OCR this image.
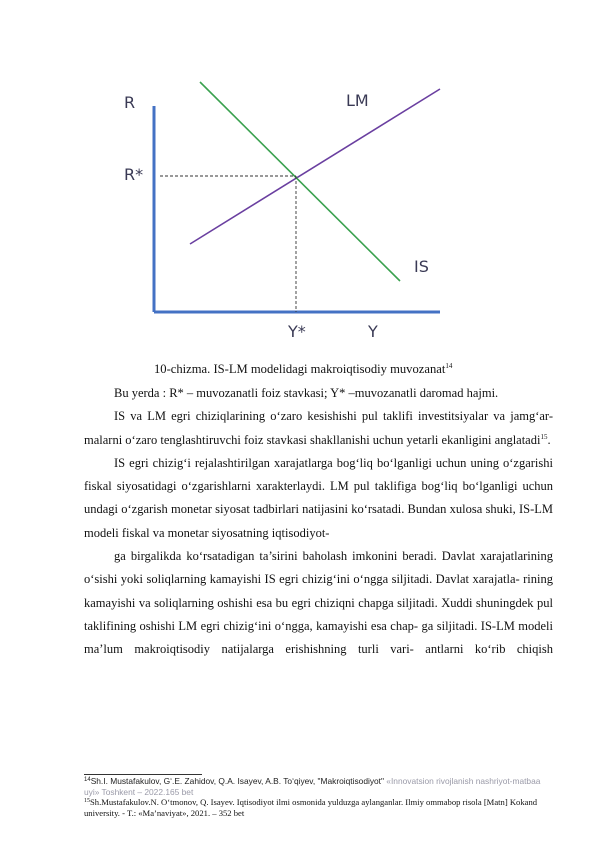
R
R*
LM
IS
Y*	Y
10-chizma. IS-LM modelidagi makroiqtisodiy muvozanat$^{14}$

Bu yerda : R* – muvozanatli foiz stavkasi; Y* –muvozanatli daromad hajmi.

IS va LM egri chiziqlarining o‘zaro kesishishi pul taklifi investitsiyalar va jamg‘ar- malarni o‘zaro tenglashtiruvchi foiz stavkasi shakllanishi uchun yetarli ekanligini anglatadi$^{15}$.

IS egri chizig‘i rejalashtirilgan xarajatlarga bog‘liq bo‘lganligi uchun uning o‘zgarishi fiskal siyosatidagi o‘zgarishlarni xarakterlaydi. LM pul taklifiga bog‘liq bo‘lganligi uchun undagi o‘zgarish monetar siyosat tadbirlari natijasini ko‘rsatadi. Bundan xulosa shuki, IS-LM modeli fiskal va monetar siyosatning iqtisodiyot-

ga birgalikda ko‘rsatadigan ta’sirini baholash imkonini beradi. Davlat xarajatlarining o‘sishi yoki soliqlarning kamayishi IS egri chizig‘ini o‘ngga siljitadi. Davlat xarajatla- rining kamayishi va soliqlarning oshishi esa bu egri chiziqni chapga siljitadi. Xuddi shuningdek pul taklifining oshishi LM egri chizig‘ini o‘ngga, kamayishi esa chap- ga siljitadi. IS-LM modeli ma’lum makroiqtisodiy natijalarga erishishning turli vari- antlarni ko‘rib chiqish

$^{14}$Sh.I. Mustafakulov, G‘.E. Zahidov, Q.A. Isayev, A.B. To‘qiyev, "Makroiqtisodiyot" «Innovatsion rivojlanish nashriyot-matbaa uyi» Toshkent – 2022.165 bet

$^{15}$Sh.Mustafakulov.N. O‘tmonov, Q. Isayev. Iqtisodiyot ilmi osmonida yulduzga aylanganlar. Ilmiy ommabop risola [Matn] Kokand university. - T.: «Ma’naviyat», 2021. – 352 bet
